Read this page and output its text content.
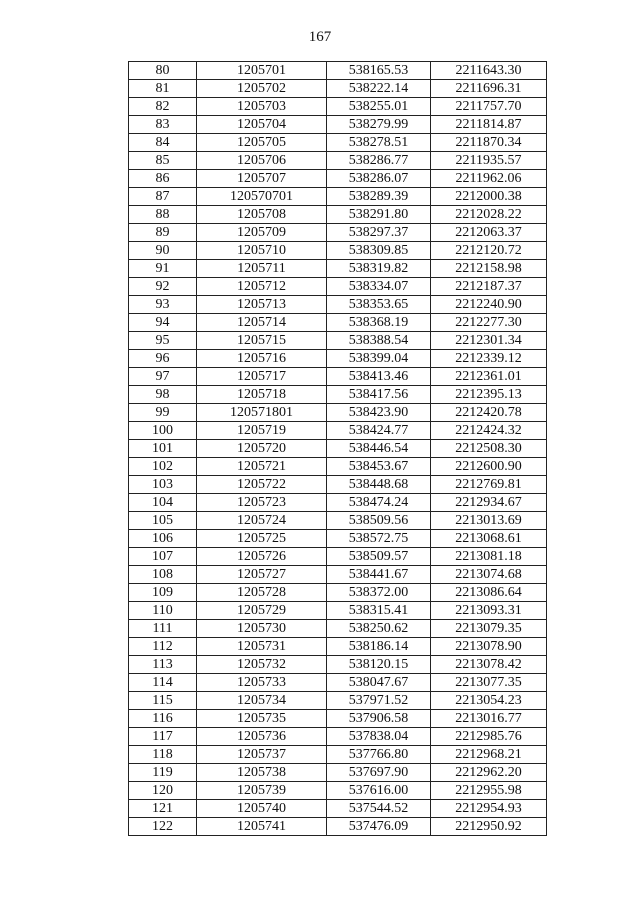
167
80	1205701	538165.53	2211643.30
81	1205702	538222.14	2211696.31
82	1205703	538255.01	2211757.70
83	1205704	538279.99	2211814.87
84	1205705	538278.51	2211870.34
85	1205706	538286.77	2211935.57
86	1205707	538286.07	2211962.06
87	120570701	538289.39	2212000.38
88	1205708	538291.80	2212028.22
89	1205709	538297.37	2212063.37
90	1205710	538309.85	2212120.72
91	1205711	538319.82	2212158.98
92	1205712	538334.07	2212187.37
93	1205713	538353.65	2212240.90
94	1205714	538368.19	2212277.30
95	1205715	538388.54	2212301.34
96	1205716	538399.04	2212339.12
97	1205717	538413.46	2212361.01
98	1205718	538417.56	2212395.13
99	120571801	538423.90	2212420.78
100	1205719	538424.77	2212424.32
101	1205720	538446.54	2212508.30
102	1205721	538453.67	2212600.90
103	1205722	538448.68	2212769.81
104	1205723	538474.24	2212934.67
105	1205724	538509.56	2213013.69
106	1205725	538572.75	2213068.61
107	1205726	538509.57	2213081.18
108	1205727	538441.67	2213074.68
109	1205728	538372.00	2213086.64
110	1205729	538315.41	2213093.31
111	1205730	538250.62	2213079.35
112	1205731	538186.14	2213078.90
113	1205732	538120.15	2213078.42
114	1205733	538047.67	2213077.35
115	1205734	537971.52	2213054.23
116	1205735	537906.58	2213016.77
117	1205736	537838.04	2212985.76
118	1205737	537766.80	2212968.21
119	1205738	537697.90	2212962.20
120	1205739	537616.00	2212955.98
121	1205740	537544.52	2212954.93
122	1205741	537476.09	2212950.92
